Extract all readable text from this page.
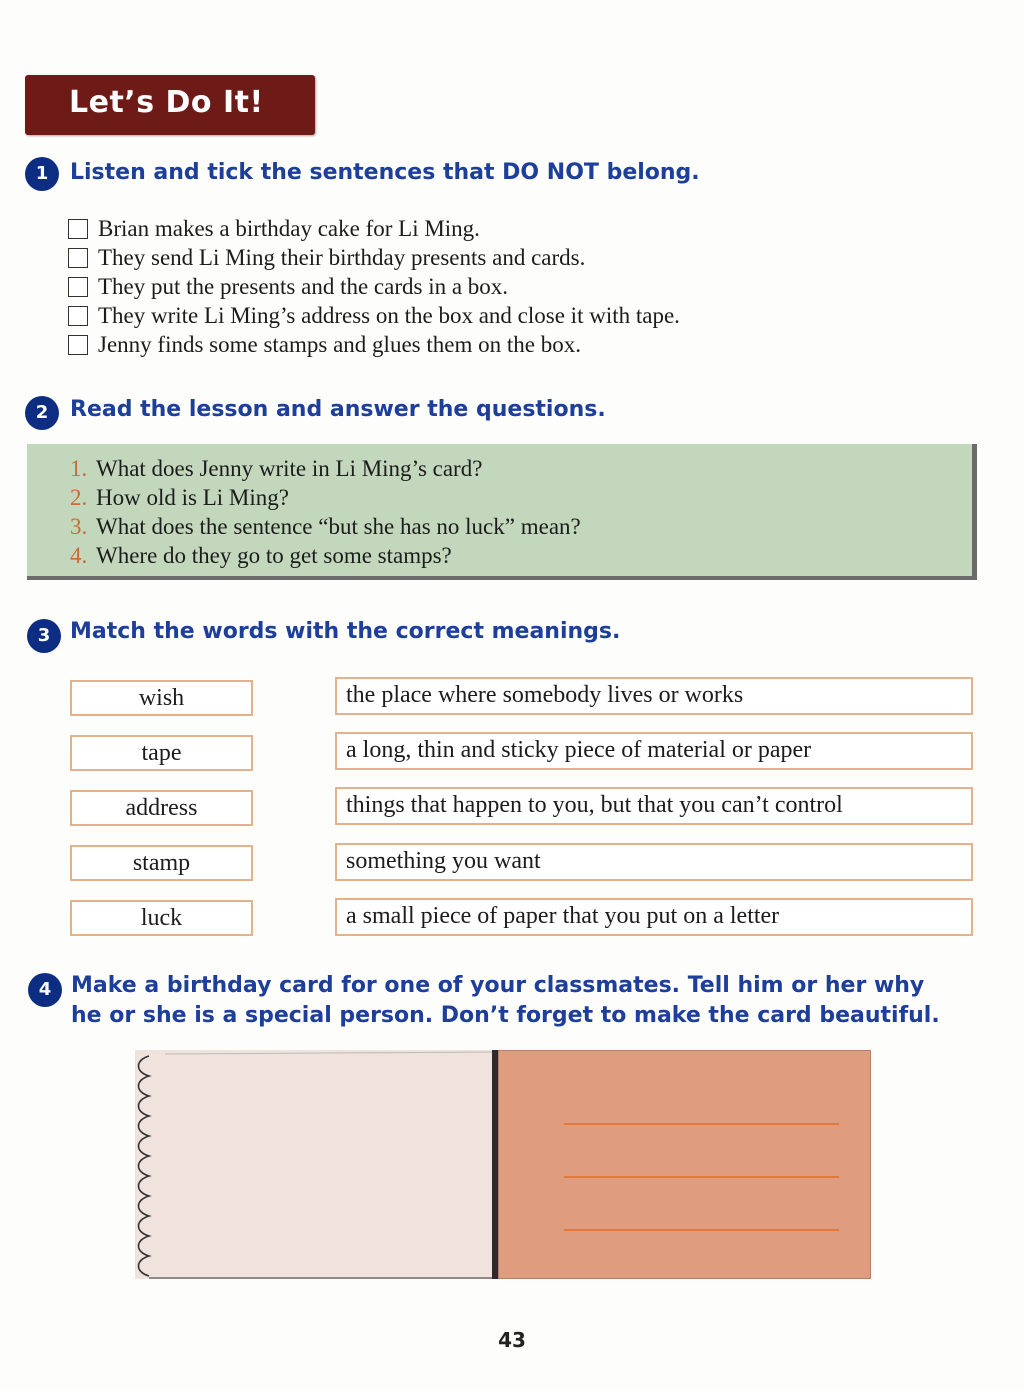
Let’s Do It!
1 Listen and tick the sentences that DO NOT belong.
Brian makes a birthday cake for Li Ming.
They send Li Ming their birthday presents and cards.
They put the presents and the cards in a box.
They write Li Ming’s address on the box and close it with tape.
Jenny finds some stamps and glues them on the box.
2 Read the lesson and answer the questions.
1. What does Jenny write in Li Ming’s card?
2. How old is Li Ming?
3. What does the sentence “but she has no luck” mean?
4. Where do they go to get some stamps?
3 Match the words with the correct meanings.
wish
tape
address
stamp
luck
the place where somebody lives or works
a long, thin and sticky piece of material or paper
things that happen to you, but that you can’t control
something you want
a small piece of paper that you put on a letter
4 Make a birthday card for one of your classmates. Tell him or her why
he or she is a special person. Don’t forget to make the card beautiful.
43
